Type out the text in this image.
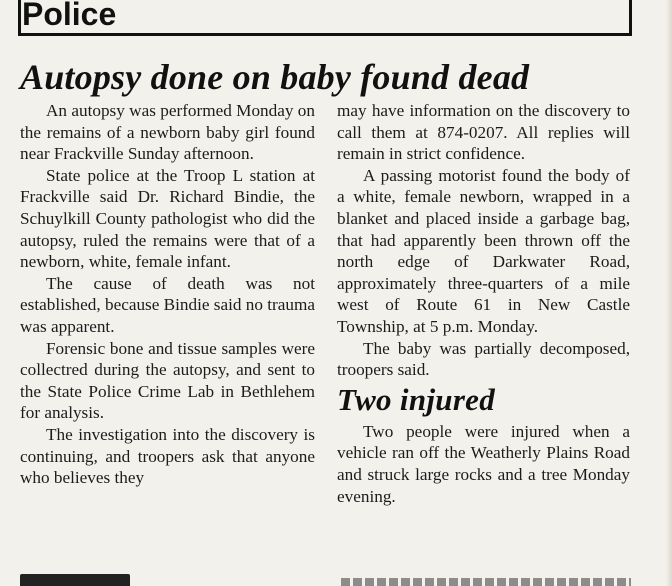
Police
Autopsy done on baby found dead

An autopsy was performed Monday on the remains of a newborn baby girl found near Frackville Sunday afternoon.

State police at the Troop L station at Frackville said Dr. Richard Bindie, the Schuylkill County pathologist who did the autopsy, ruled the remains were that of a newborn, white, female infant.

The cause of death was not established, because Bindie said no trauma was apparent.

Forensic bone and tissue samples were collectred during the autopsy, and sent to the State Police Crime Lab in Bethlehem for analysis.

The investigation into the discovery is continuing, and troopers ask that anyone who believes they

may have information on the discovery to call them at 874-0207. All replies will remain in strict confidence.

A passing motorist found the body of a white, female newborn, wrapped in a blanket and placed inside a garbage bag, that had apparently been thrown off the north edge of Darkwater Road, approximately three-quarters of a mile west of Route 61 in New Castle Township, at 5 p.m. Monday.

The baby was partially decomposed, troopers said.

Two injured

Two people were injured when a vehicle ran off the Weatherly Plains Road and struck large rocks and a tree Monday evening.
